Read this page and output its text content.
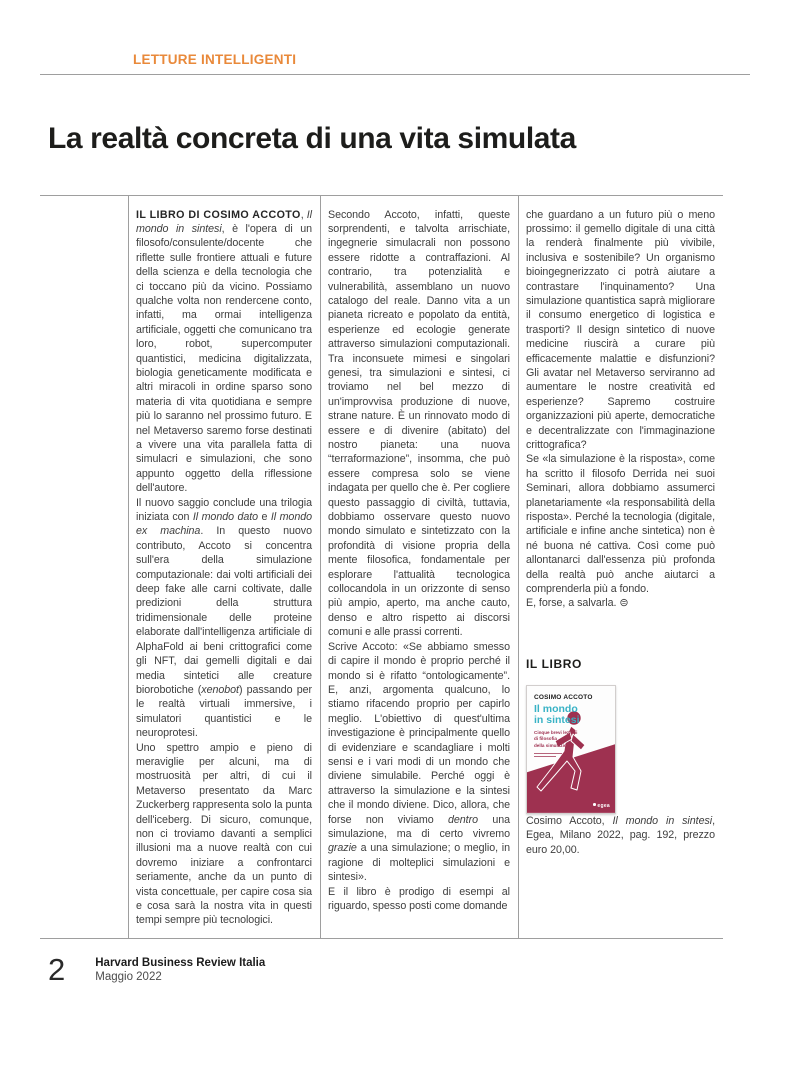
LETTURE INTELLIGENTI
La realtà concreta di una vita simulata

IL LIBRO DI COSIMO ACCOTO, Il mondo in sintesi, è l'opera di un filosofo/consulente/docente che riflette sulle frontiere attuali e future della scienza e della tecnologia che ci toccano più da vicino. Possiamo qualche volta non rendercene conto, infatti, ma ormai intelligenza artificiale, oggetti che comunicano tra loro, robot, supercomputer quantistici, medicina digitalizzata, biologia geneticamente modificata e altri miracoli in ordine sparso sono materia di vita quotidiana e sempre più lo saranno nel prossimo futuro. E nel Metaverso saremo forse destinati a vivere una vita parallela fatta di simulacri e simulazioni, che sono appunto oggetto della riflessione dell'autore.

Il nuovo saggio conclude una trilogia iniziata con Il mondo dato e Il mondo ex machina. In questo nuovo contributo, Accoto si concentra sull'era della simulazione computazionale: dai volti artificiali dei deep fake alle carni coltivate, dalle predizioni della struttura tridimensionale delle proteine elaborate dall'intelligenza artificiale di AlphaFold ai beni crittografici come gli NFT, dai gemelli digitali e dai media sintetici alle creature biorobotiche (xenobot) passando per le realtà virtuali immersive, i simulatori quantistici e le neuroprotesi.

Uno spettro ampio e pieno di meraviglie per alcuni, ma di mostruosità per altri, di cui il Metaverso presentato da Marc Zuckerberg rappresenta solo la punta dell'iceberg. Di sicuro, comunque, non ci troviamo davanti a semplici illusioni ma a nuove realtà con cui dovremo iniziare a confrontarci seriamente, anche da un punto di vista concettuale, per capire cosa sia e cosa sarà la nostra vita in questi tempi sempre più tecnologici.

Secondo Accoto, infatti, queste sorprendenti, e talvolta arrischiate, ingegnerie simulacrali non possono essere ridotte a contraffazioni. Al contrario, tra potenzialità e vulnerabilità, assemblano un nuovo catalogo del reale. Danno vita a un pianeta ricreato e popolato da entità, esperienze ed ecologie generate attraverso simulazioni computazionali. Tra inconsuete mimesi e singolari genesi, tra simulazioni e sintesi, ci troviamo nel bel mezzo di un'improvvisa produzione di nuove, strane nature. È un rinnovato modo di essere e di divenire (abitato) del nostro pianeta: una nuova “terraformazione”, insomma, che può essere compresa solo se viene indagata per quello che è. Per cogliere questo passaggio di civiltà, tuttavia, dobbiamo osservare questo nuovo mondo simulato e sintetizzato con la profondità di visione propria della mente filosofica, fondamentale per esplorare l'attualità tecnologica collocandola in un orizzonte di senso più ampio, aperto, ma anche cauto, denso e altro rispetto ai discorsi comuni e alle prassi correnti.

Scrive Accoto: «Se abbiamo smesso di capire il mondo è proprio perché il mondo si è rifatto “ontologicamente”. E, anzi, argomenta qualcuno, lo stiamo rifacendo proprio per capirlo meglio. L'obiettivo di quest'ultima investigazione è principalmente quello di evidenziare e scandagliare i molti sensi e i vari modi di un mondo che diviene simulabile. Perché oggi è attraverso la simulazione e la sintesi che il mondo diviene. Dico, allora, che forse non viviamo dentro una simulazione, ma di certo vivremo grazie a una simulazione; o meglio, in ragione di molteplici simulazioni e sintesi».

E il libro è prodigo di esempi al riguardo, spesso posti come domande

che guardano a un futuro più o meno prossimo: il gemello digitale di una città la renderà finalmente più vivibile, inclusiva e sostenibile? Un organismo bioingegnerizzato ci potrà aiutare a contrastare l'inquinamento? Una simulazione quantistica saprà migliorare il consumo energetico di logistica e trasporti? Il design sintetico di nuove medicine riuscirà a curare più efficacemente malattie e disfunzioni? Gli avatar nel Metaverso serviranno ad aumentare le nostre creatività ed esperienze? Sapremo costruire organizzazioni più aperte, democratiche e decentralizzate con l'immaginazione crittografica?

Se «la simulazione è la risposta», come ha scritto il filosofo Derrida nei suoi Seminari, allora dobbiamo assumerci planetariamente «la responsabilità della risposta». Perché la tecnologia (digitale, artificiale e infine anche sintetica) non è né buona né cattiva. Così come può allontanarci dall'essenza più profonda della realtà può anche aiutarci a comprenderla più a fondo.

E, forse, a salvarla. ⊜

IL LIBRO
COSIMO ACCOTO
Il mondo
in sintesi
Cinque brevi lezioni
di filosofia
della simulazione
egea

Cosimo Accoto, Il mondo in sintesi, Egea, Milano 2022, pag. 192, prezzo euro 20,00.

2	Harvard Business Review Italia
Maggio 2022
